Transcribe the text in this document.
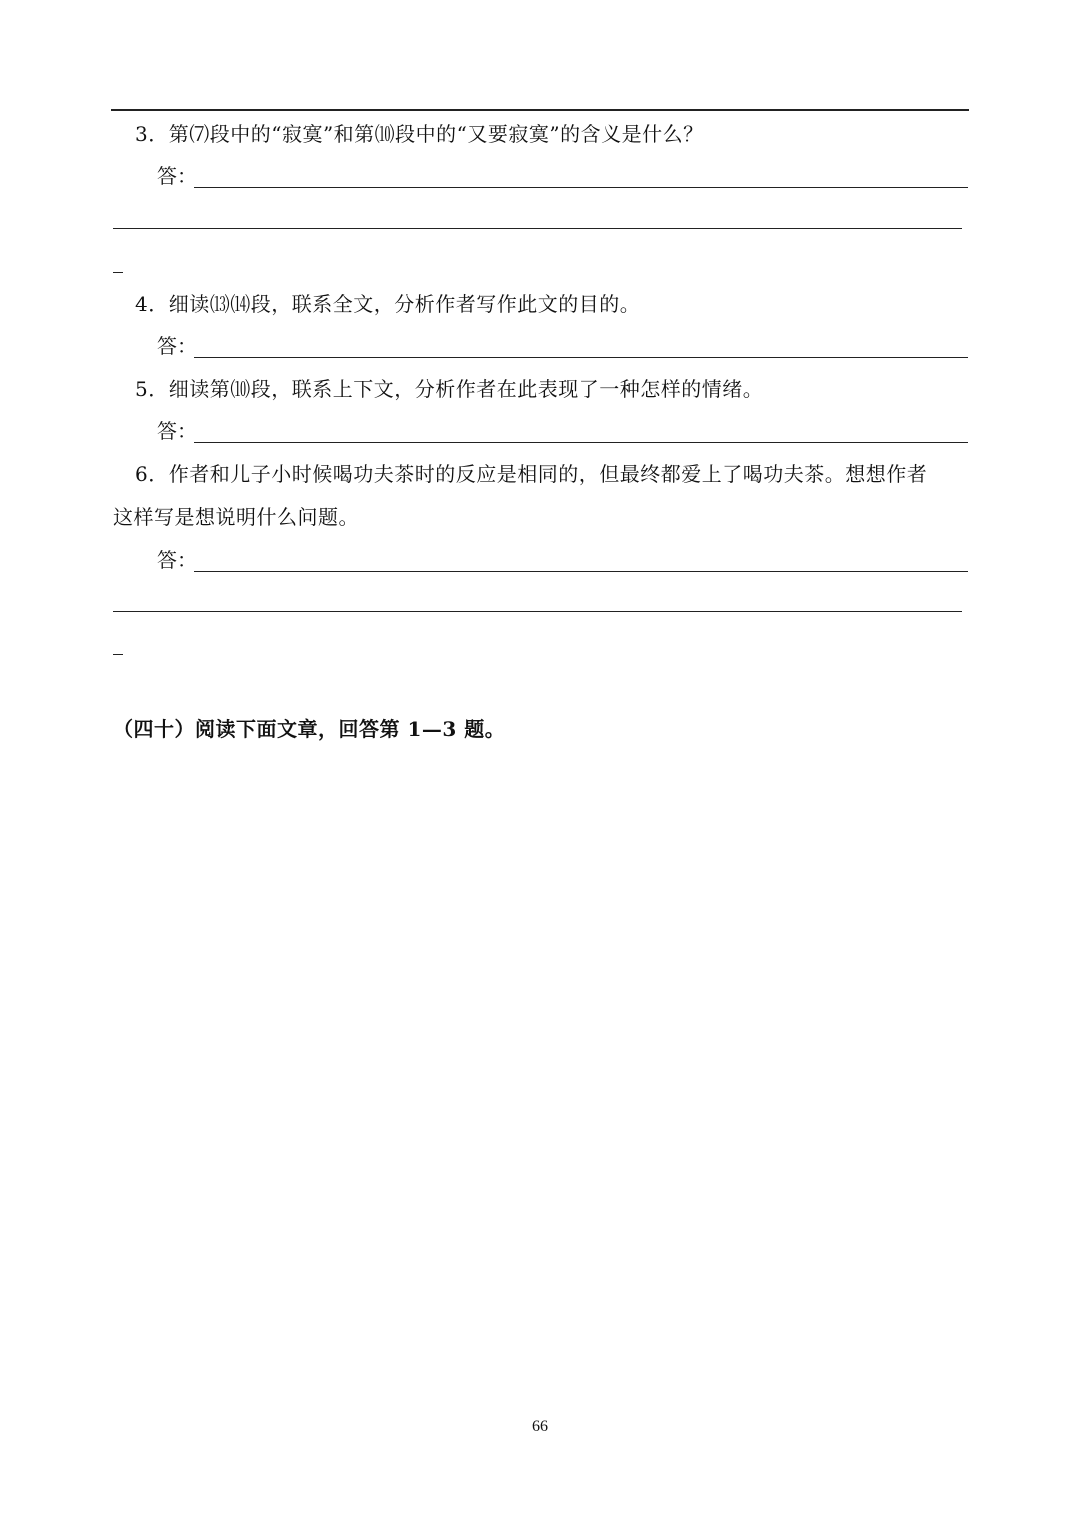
3．第⑺段中的“寂寞”和第⑽段中的“又要寂寞”的含义是什么？
答：
4．细读⒀⒁段，联系全文，分析作者写作此文的目的。
答：
5．细读第⑽段，联系上下文，分析作者在此表现了一种怎样的情绪。
答：
6．作者和儿子小时候喝功夫茶时的反应是相同的，但最终都爱上了喝功夫茶。想想作者
这样写是想说明什么问题。
答：
（四十）阅读下面文章，回答第 1—3 题。
66
